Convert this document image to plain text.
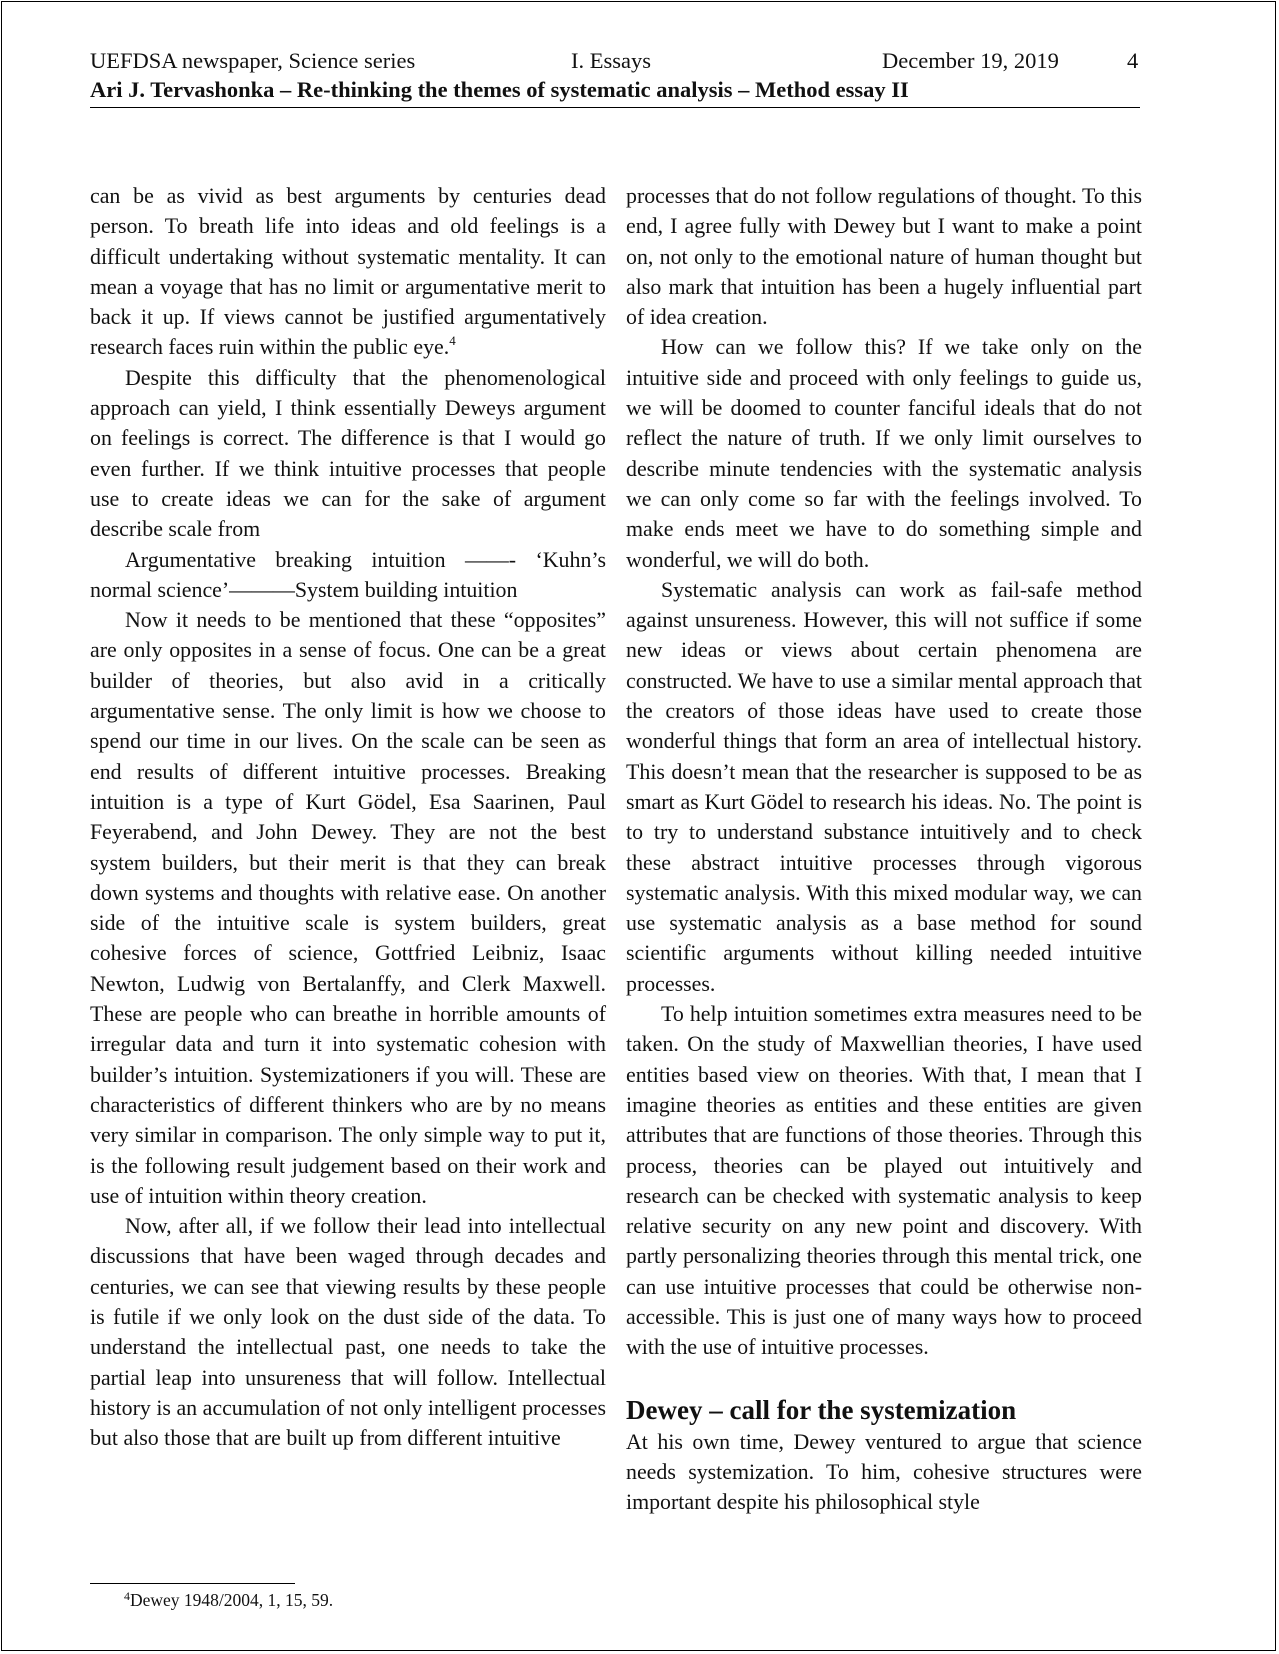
UEFDSA newspaper, Science series	I. Essays	December 19, 2019	4
Ari J. Tervashonka – Re-thinking the themes of systematic analysis – Method essay II

can be as vivid as best arguments by centuries dead person. To breath life into ideas and old feelings is a difficult undertaking without systematic mentality. It can mean a voyage that has no limit or argumentative merit to back it up. If views cannot be justified argumentatively research faces ruin within the public eye.$^4$

Despite this difficulty that the phenomenological approach can yield, I think essentially Deweys argument on feelings is correct. The difference is that I would go even further. If we think intuitive processes that people use to create ideas we can for the sake of argument describe scale from

Argumentative breaking intuition ——- ‘Kuhn’s normal science’———System building intuition

Now it needs to be mentioned that these “opposites” are only opposites in a sense of focus. One can be a great builder of theories, but also avid in a critically argumentative sense. The only limit is how we choose to spend our time in our lives. On the scale can be seen as end results of different intuitive processes. Breaking intuition is a type of Kurt Gödel, Esa Saarinen, Paul Feyerabend, and John Dewey. They are not the best system builders, but their merit is that they can break down systems and thoughts with relative ease. On another side of the intuitive scale is system builders, great cohesive forces of science, Gottfried Leibniz, Isaac Newton, Ludwig von Bertalanffy, and Clerk Maxwell. These are people who can breathe in horrible amounts of irregular data and turn it into systematic cohesion with builder’s intuition. Systemizationers if you will. These are characteristics of different thinkers who are by no means very similar in comparison. The only simple way to put it, is the following result judgement based on their work and use of intuition within theory creation.

Now, after all, if we follow their lead into intellectual discussions that have been waged through decades and centuries, we can see that viewing results by these people is futile if we only look on the dust side of the data. To understand the intellectual past, one needs to take the partial leap into unsureness that will follow. Intellectual history is an accumulation of not only intelligent processes but also those that are built up from different intuitive

processes that do not follow regulations of thought. To this end, I agree fully with Dewey but I want to make a point on, not only to the emotional nature of human thought but also mark that intuition has been a hugely influential part of idea creation.

How can we follow this? If we take only on the intuitive side and proceed with only feelings to guide us, we will be doomed to counter fanciful ideals that do not reflect the nature of truth. If we only limit ourselves to describe minute tendencies with the systematic analysis we can only come so far with the feelings involved. To make ends meet we have to do something simple and wonderful, we will do both.

Systematic analysis can work as fail-safe method against unsureness. However, this will not suffice if some new ideas or views about certain phenomena are constructed. We have to use a similar mental approach that the creators of those ideas have used to create those wonderful things that form an area of intellectual history. This doesn’t mean that the researcher is supposed to be as smart as Kurt Gödel to research his ideas. No. The point is to try to understand substance intuitively and to check these abstract intuitive processes through vigorous systematic analysis. With this mixed modular way, we can use systematic analysis as a base method for sound scientific arguments without killing needed intuitive processes.

To help intuition sometimes extra measures need to be taken. On the study of Maxwellian theories, I have used entities based view on theories. With that, I mean that I imagine theories as entities and these entities are given attributes that are functions of those theories. Through this process, theories can be played out intuitively and research can be checked with systematic analysis to keep relative security on any new point and discovery. With partly personalizing theories through this mental trick, one can use intuitive processes that could be otherwise non-accessible. This is just one of many ways how to proceed with the use of intuitive processes.

Dewey – call for the systemization

At his own time, Dewey ventured to argue that science needs systemization. To him, cohesive structures were important despite his philosophical style

$^4$Dewey 1948/2004, 1, 15, 59.
